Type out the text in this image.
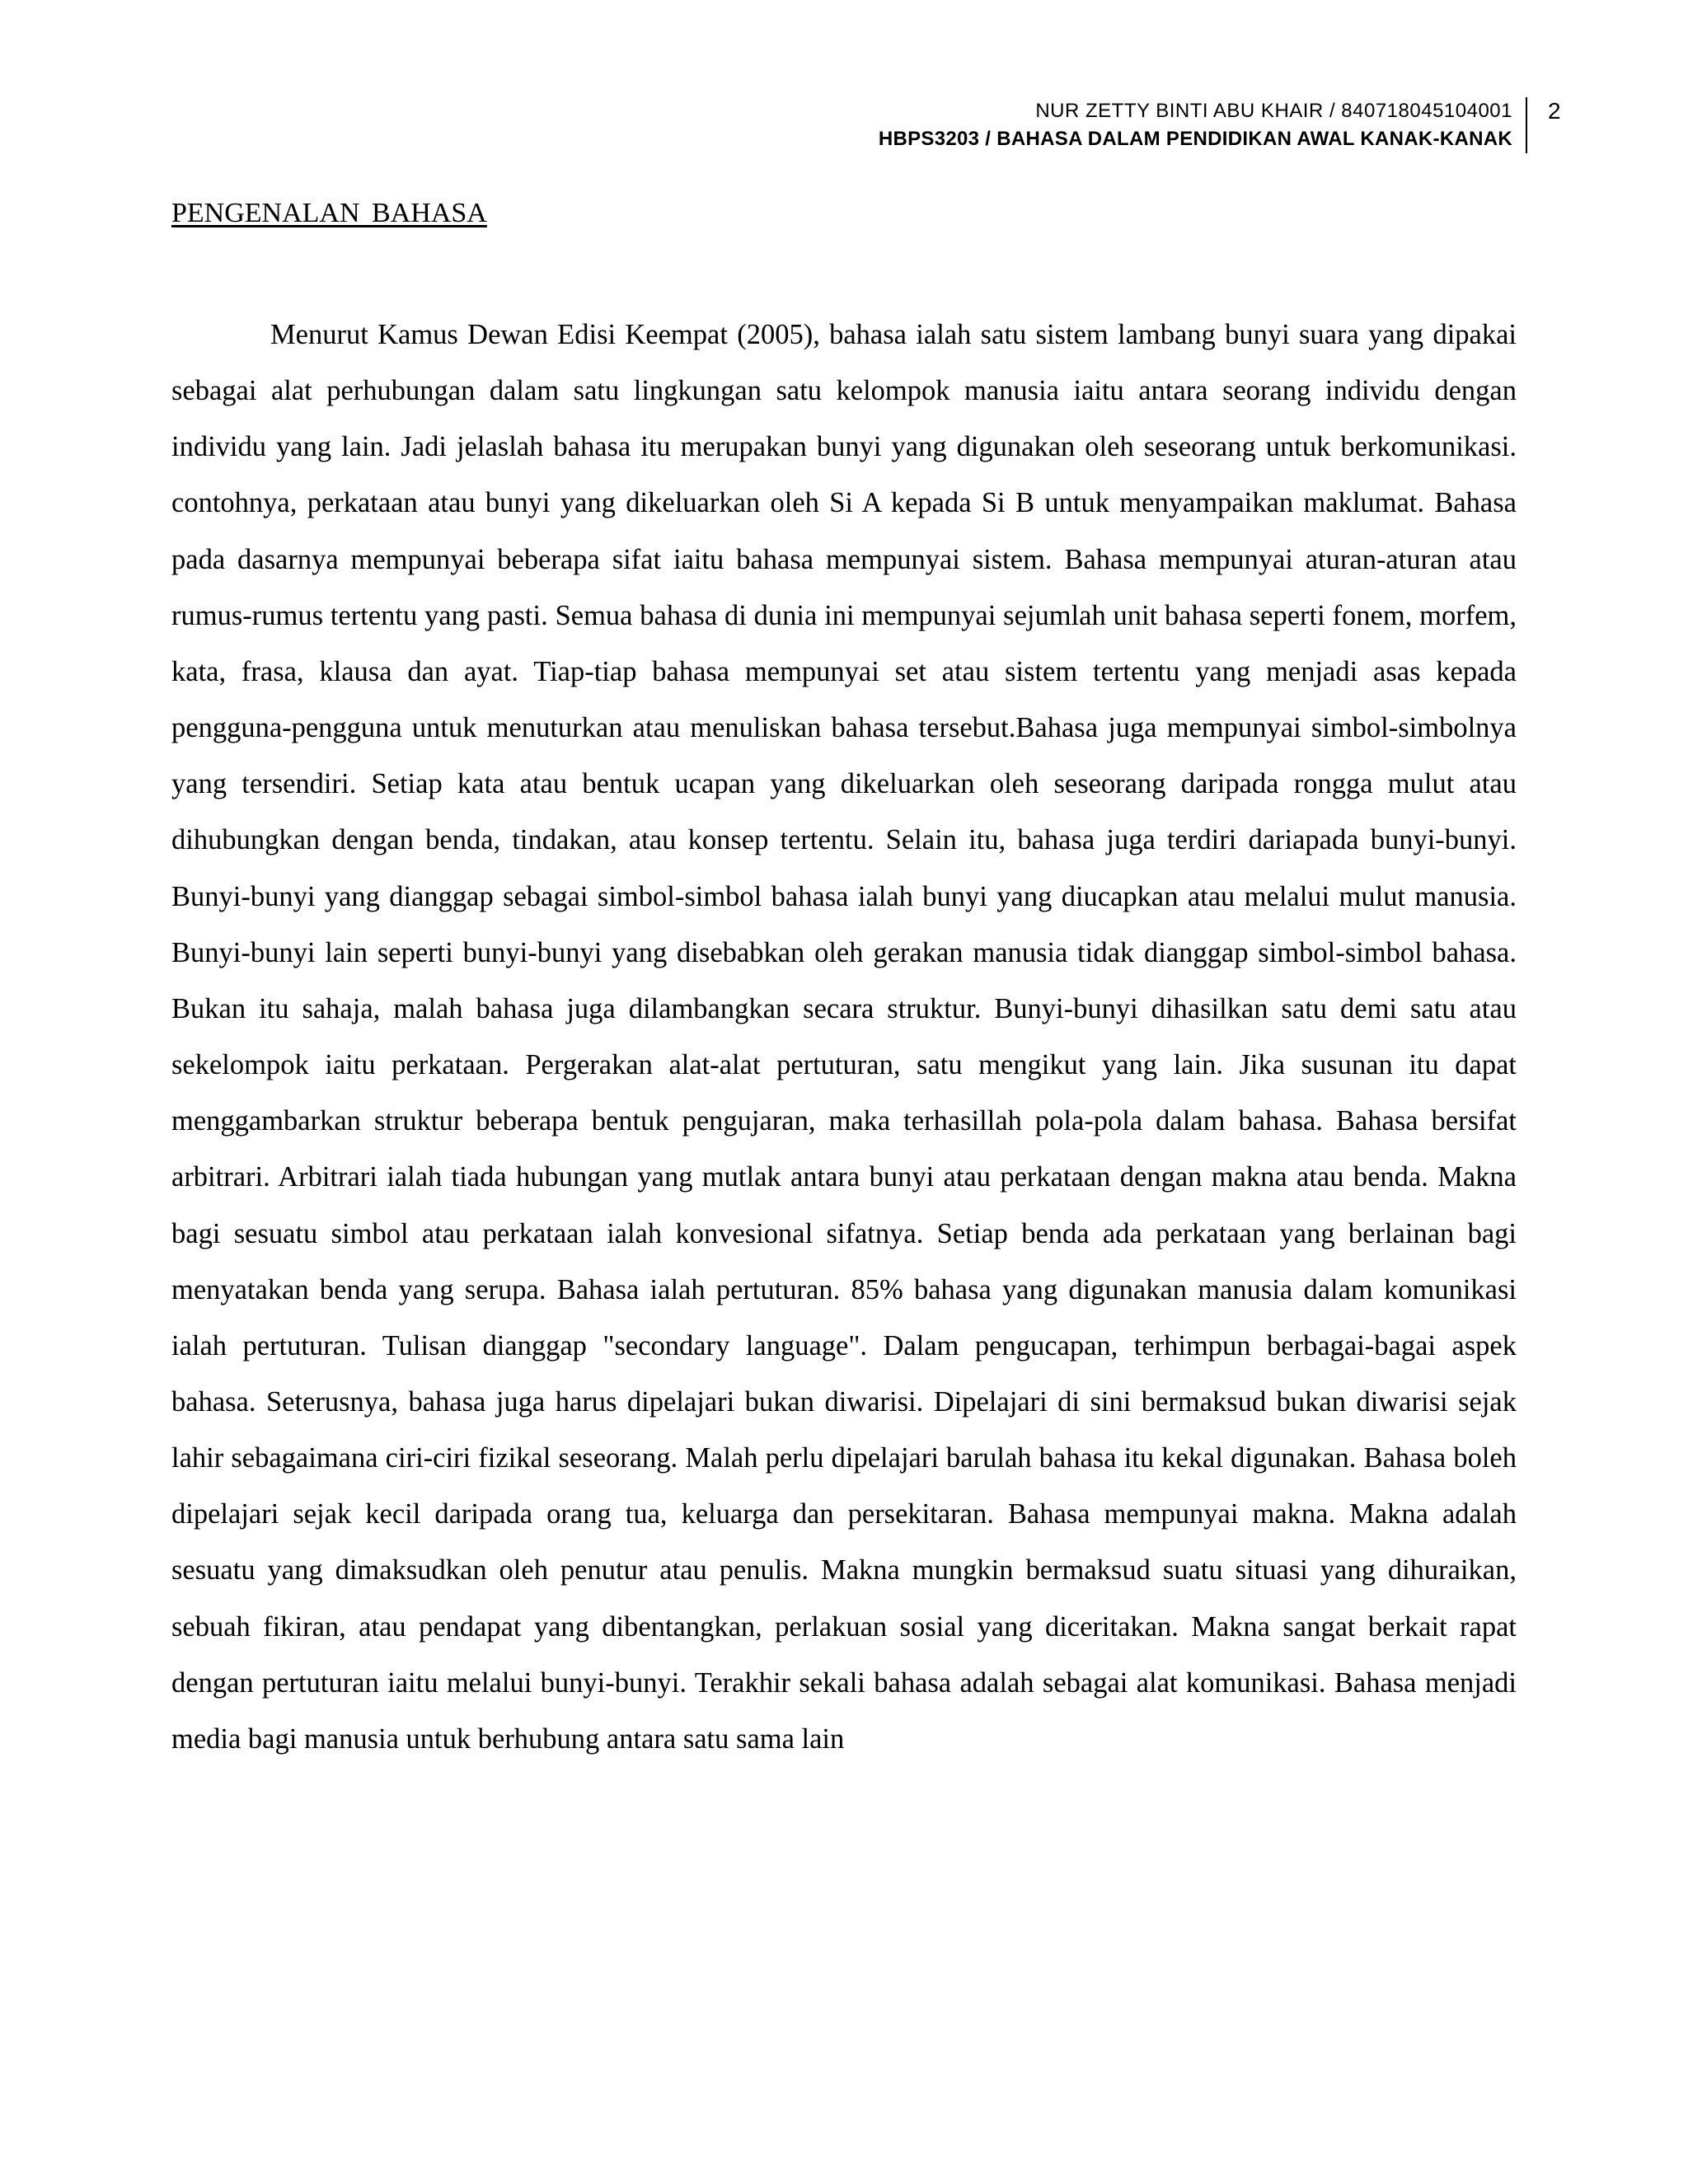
NUR ZETTY BINTI ABU KHAIR / 840718045104001
HBPS3203 / BAHASA DALAM PENDIDIKAN AWAL KANAK-KANAK
2
PENGENALAN BAHASA

Menurut Kamus Dewan Edisi Keempat (2005), bahasa ialah satu sistem lambang bunyi suara yang dipakai sebagai alat perhubungan dalam satu lingkungan satu kelompok manusia iaitu antara seorang individu dengan individu yang lain. Jadi jelaslah bahasa itu merupakan bunyi yang digunakan oleh seseorang untuk berkomunikasi. contohnya, perkataan atau bunyi yang dikeluarkan oleh Si A kepada Si B untuk menyampaikan maklumat. Bahasa pada dasarnya mempunyai beberapa sifat iaitu bahasa mempunyai sistem. Bahasa mempunyai aturan-aturan atau rumus-rumus tertentu yang pasti. Semua bahasa di dunia ini mempunyai sejumlah unit bahasa seperti fonem, morfem, kata, frasa, klausa dan ayat. Tiap-tiap bahasa mempunyai set atau sistem tertentu yang menjadi asas kepada pengguna-pengguna untuk menuturkan atau menuliskan bahasa tersebut.Bahasa juga mempunyai simbol-simbolnya yang tersendiri. Setiap kata atau bentuk ucapan yang dikeluarkan oleh seseorang daripada rongga mulut atau dihubungkan dengan benda, tindakan, atau konsep tertentu. Selain itu, bahasa juga terdiri dariapada bunyi-bunyi. Bunyi-bunyi yang dianggap sebagai simbol-simbol bahasa ialah bunyi yang diucapkan atau melalui mulut manusia. Bunyi-bunyi lain seperti bunyi-bunyi yang disebabkan oleh gerakan manusia tidak dianggap simbol-simbol bahasa. Bukan itu sahaja, malah bahasa juga dilambangkan secara struktur. Bunyi-bunyi dihasilkan satu demi satu atau sekelompok iaitu perkataan. Pergerakan alat-alat pertuturan, satu mengikut yang lain. Jika susunan itu dapat menggambarkan struktur beberapa bentuk pengujaran, maka terhasillah pola-pola dalam bahasa. Bahasa bersifat arbitrari. Arbitrari ialah tiada hubungan yang mutlak antara bunyi atau perkataan dengan makna atau benda. Makna bagi sesuatu simbol atau perkataan ialah konvesional sifatnya. Setiap benda ada perkataan yang berlainan bagi menyatakan benda yang serupa. Bahasa ialah pertuturan. 85% bahasa yang digunakan manusia dalam komunikasi ialah pertuturan. Tulisan dianggap "secondary language". Dalam pengucapan, terhimpun berbagai-bagai aspek bahasa. Seterusnya, bahasa juga harus dipelajari bukan diwarisi. Dipelajari di sini bermaksud bukan diwarisi sejak lahir sebagaimana ciri-ciri fizikal seseorang. Malah perlu dipelajari barulah bahasa itu kekal digunakan. Bahasa boleh dipelajari sejak kecil daripada orang tua, keluarga dan persekitaran. Bahasa mempunyai makna. Makna adalah sesuatu yang dimaksudkan oleh penutur atau penulis. Makna mungkin bermaksud suatu situasi yang dihuraikan, sebuah fikiran, atau pendapat yang dibentangkan, perlakuan sosial yang diceritakan. Makna sangat berkait rapat dengan pertuturan iaitu melalui bunyi-bunyi. Terakhir sekali bahasa adalah sebagai alat komunikasi. Bahasa menjadi media bagi manusia untuk berhubung antara satu sama lain
